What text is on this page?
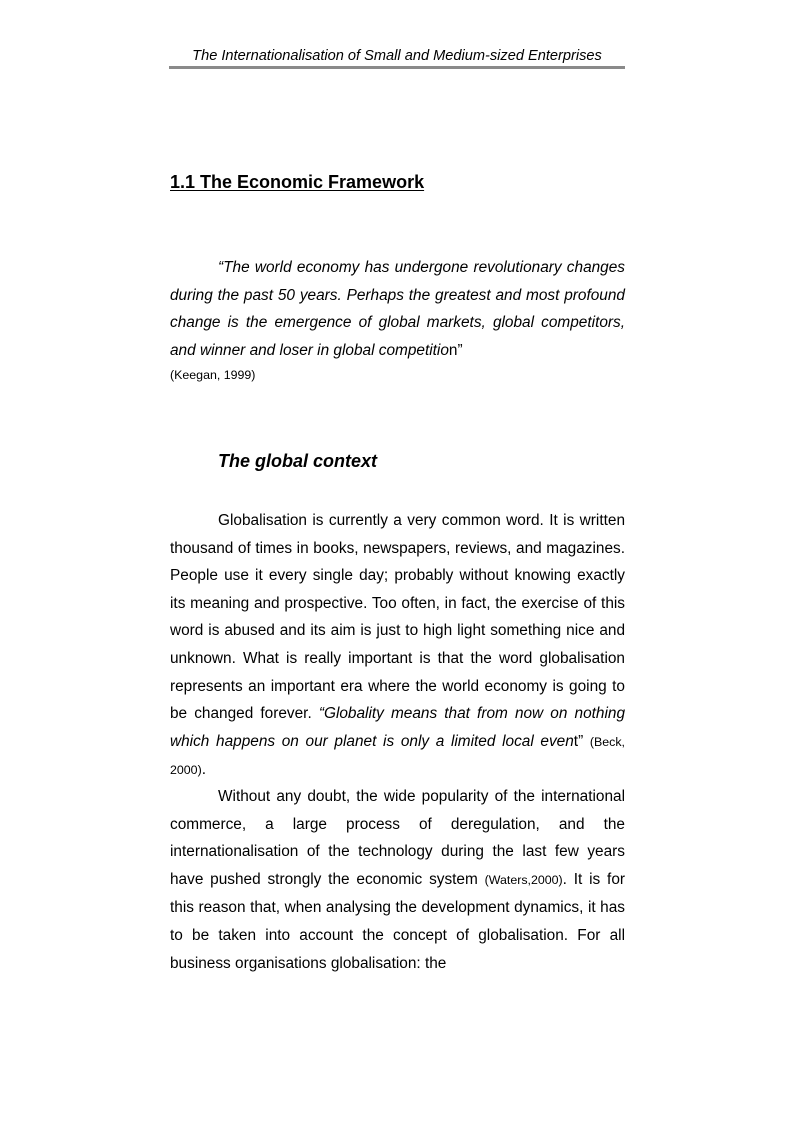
The Internationalisation of Small and Medium-sized Enterprises
1.1 The Economic Framework

“The world economy has undergone revolutionary changes during the past 50 years. Perhaps the greatest and most profound change is the emergence of global markets, global competitors, and winner and loser in global competition”

(Keegan, 1999)
The global context

Globalisation is currently a very common word. It is written thousand of times in books, newspapers, reviews, and magazines. People use it every single day; probably without knowing exactly its meaning and prospective. Too often, in fact, the exercise of this word is abused and its aim is just to high light something nice and unknown. What is really important is that the word globalisation represents an important era where the world economy is going to be changed forever. “Globality means that from now on nothing which happens on our planet is only a limited local event” (Beck, 2000).

Without any doubt, the wide popularity of the international commerce, a large process of deregulation, and the internationalisation of the technology during the last few years have pushed strongly the economic system (Waters,2000). It is for this reason that, when analysing the development dynamics, it has to be taken into account the concept of globalisation. For all business organisations globalisation: the
